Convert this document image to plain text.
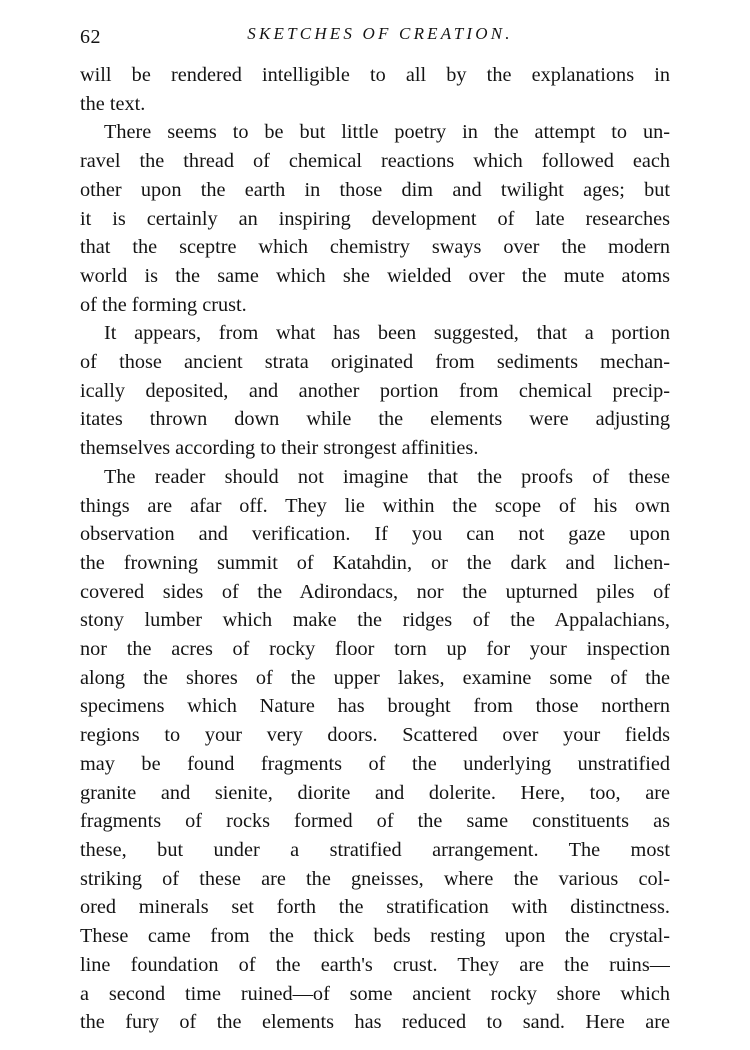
62	SKETCHES OF CREATION.
will be rendered intelligible to all by the explanations in
the text.
There seems to be but little poetry in the attempt to un-
ravel the thread of chemical reactions which followed each
other upon the earth in those dim and twilight ages; but
it is certainly an inspiring development of late researches
that the sceptre which chemistry sways over the modern
world is the same which she wielded over the mute atoms
of the forming crust.
It appears, from what has been suggested, that a portion
of those ancient strata originated from sediments mechan-
ically deposited, and another portion from chemical precip-
itates thrown down while the elements were adjusting
themselves according to their strongest affinities.
The reader should not imagine that the proofs of these
things are afar off. They lie within the scope of his own
observation and verification. If you can not gaze upon
the frowning summit of Katahdin, or the dark and lichen-
covered sides of the Adirondacs, nor the upturned piles of
stony lumber which make the ridges of the Appalachians,
nor the acres of rocky floor torn up for your inspection
along the shores of the upper lakes, examine some of the
specimens which Nature has brought from those northern
regions to your very doors. Scattered over your fields
may be found fragments of the underlying unstratified
granite and sienite, diorite and dolerite. Here, too, are
fragments of rocks formed of the same constituents as
these, but under a stratified arrangement. The most
striking of these are the gneisses, where the various col-
ored minerals set forth the stratification with distinctness.
These came from the thick beds resting upon the crystal-
line foundation of the earth's crust. They are the ruins—
a second time ruined—of some ancient rocky shore which
the fury of the elements has reduced to sand. Here are
